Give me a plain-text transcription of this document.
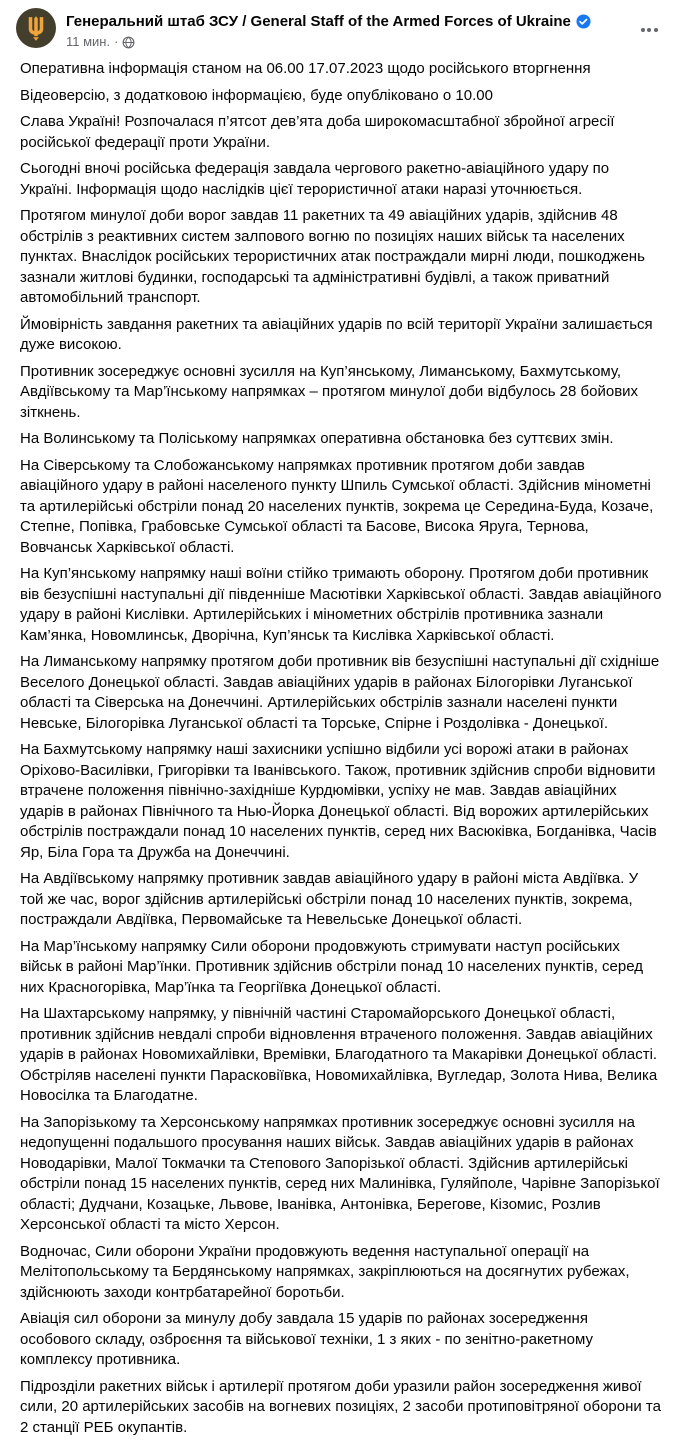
Генеральний штаб ЗСУ / General Staff of the Armed Forces of Ukraine
11 мин. ·

Оперативна інформація станом на 06.00 17.07.2023 щодо російського вторгнення

Відеоверсію, з додатковою інформацією, буде опубліковано о 10.00

Слава Україні! Розпочалася п’ятсот дев’ята доба широкомасштабної збройної агресії російської федерації проти України.

Сьогодні вночі російська федерація завдала чергового ракетно-авіаційного удару по Україні. Інформація щодо наслідків цієї терористичної атаки наразі уточнюється.

Протягом минулої доби ворог завдав 11 ракетних та 49 авіаційних ударів, здійснив 48 обстрілів з реактивних систем залпового вогню по позиціях наших військ та населених пунктах. Внаслідок російських терористичних атак постраждали мирні люди, пошкоджень зазнали житлові будинки, господарські та адміністративні будівлі, а також приватний автомобільний транспорт.

Ймовірність завдання ракетних та авіаційних ударів по всій території України залишається дуже високою.

Противник зосереджує основні зусилля на Куп’янському, Лиманському, Бахмутському, Авдіївському та Мар’їнському напрямках – протягом минулої доби відбулось 28 бойових зіткнень.

На Волинському та Поліському напрямках оперативна обстановка без суттєвих змін.

На Сіверському та Слобожанському напрямках противник протягом доби завдав авіаційного удару в районі населеного пункту Шпиль Сумської області. Здійснив мінометні та артилерійські обстріли понад 20 населених пунктів, зокрема це Середина-Буда, Козаче, Степне, Попівка, Грабовське Сумської області та Басове, Висока Яруга, Тернова, Вовчанськ Харківської області.

На Куп’янському напрямку наші воїни стійко тримають оборону. Протягом доби противник вів безуспішні наступальні дії південніше Масютівки Харківської області. Завдав авіаційного удару в районі Кислівки. Артилерійських і мінометних обстрілів противника зазнали Кам’янка, Новомлинськ, Дворічна, Куп’янськ та Кислівка Харківської області.

На Лиманському напрямку протягом доби противник вів безуспішні наступальні дії східніше Веселого Донецької області. Завдав авіаційних ударів в районах Білогорівки Луганської області та Сіверська на Донеччині. Артилерійських обстрілів зазнали населені пункти Невське, Білогорівка Луганської області та Торське, Спірне і Роздолівка - Донецької.

На Бахмутському напрямку наші захисники успішно відбили усі ворожі атаки в районах Оріхово-Василівки, Григорівки та Іванівського. Також, противник здійснив спроби відновити втрачене положення північно-західніше Курдюмівки, успіху не мав. Завдав авіаційних ударів в районах Північного та Нью-Йорка Донецької області. Від ворожих артилерійських обстрілів постраждали понад 10 населених пунктів, серед них Васюківка, Богданівка, Часів Яр, Біла Гора та Дружба на Донеччині.

На Авдіївському напрямку противник завдав авіаційного удару в районі міста Авдіївка. У той же час, ворог здійснив артилерійські обстріли понад 10 населених пунктів, зокрема, постраждали Авдіївка, Первомайське та Невельське Донецької області.

На Мар’їнському напрямку Сили оборони продовжують стримувати наступ російських військ в районі Мар’їнки. Противник здійснив обстріли понад 10 населених пунктів, серед них Красногорівка, Мар’їнка та Георгіївка Донецької області.

На Шахтарському напрямку, у північній частині Старомайорського Донецької області, противник здійснив невдалі спроби відновлення втраченого положення. Завдав авіаційних ударів в районах Новомихайлівки, Времівки, Благодатного та Макарівки Донецької області. Обстріляв населені пункти Парасковіївка, Новомихайлівка, Вугледар, Золота Нива, Велика Новосілка та Благодатне.

На Запорізькому та Херсонському напрямках противник зосереджує основні зусилля на недопущенні подальшого просування наших військ. Завдав авіаційних ударів в районах Новодарівки, Малої Токмачки та Степового Запорізької області. Здійснив артилерійські обстріли понад 15 населених пунктів, серед них Малинівка, Гуляйполе, Чарівне Запорізької області; Дудчани, Козацьке, Львове, Іванівка, Антонівка, Берегове, Кізомис, Розлив Херсонської області та місто Херсон.

Водночас, Сили оборони України продовжують ведення наступальної операції на Мелітопольському та Бердянському напрямках, закріплюються на досягнутих рубежах, здійснюють заходи контрбатарейної боротьби.

Авіація сил оборони за минулу добу завдала 15 ударів по районах зосередження особового складу, озброєння та військової техніки, 1 з яких - по зенітно-ракетному комплексу противника.

Підрозділи ракетних військ і артилерії протягом доби уразили район зосередження живої сили, 20 артилерійських засобів на вогневих позиціях, 2 засоби протиповітряної оборони та 2 станції РЕБ окупантів.
